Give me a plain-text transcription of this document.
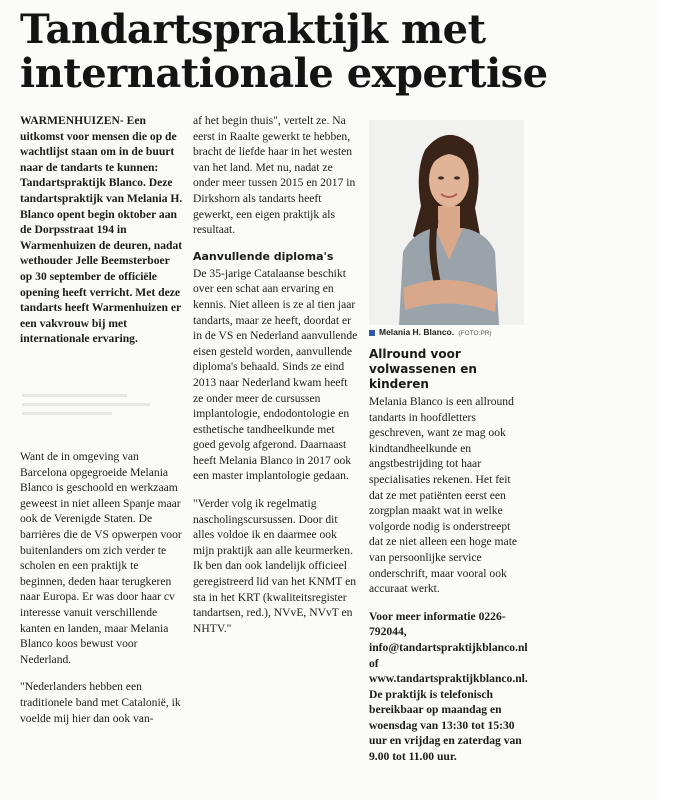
Tandartspraktijk met internationale expertise

WARMENHUIZEN- Een uitkomst voor mensen die op de wachtlijst staan om in de buurt naar de tandarts te kunnen: Tandartspraktijk Blanco. Deze tandartspraktijk van Melania H. Blanco opent begin oktober aan de Dorpsstraat 194 in Warmenhuizen de deuren, nadat wethouder Jelle Beemsterboer op 30 september de officiële opening heeft verricht. Met deze tandarts heeft Warmenhuizen er een vakvrouw bij met internationale ervaring.

Want de in omgeving van Barcelona opgegroeide Melania Blanco is geschoold en werkzaam geweest in niet alleen Spanje maar ook de Verenigde Staten. De barrières die de VS opwerpen voor buitenlanders om zich verder te scholen en een praktijk te beginnen, deden haar terugkeren naar Europa. Er was door haar cv interesse vanuit verschillende kanten en landen, maar Melania Blanco koos bewust voor Nederland.

"Nederlanders hebben een traditionele band met Catalonië, ik voelde mij hier dan ook van-

af het begin thuis", vertelt ze. Na eerst in Raalte gewerkt te hebben, bracht de liefde haar in het westen van het land. Met nu, nadat ze onder meer tussen 2015 en 2017 in Dirkshorn als tandarts heeft gewerkt, een eigen praktijk als resultaat.

Aanvullende diploma's

De 35-jarige Catalaanse beschikt over een schat aan ervaring en kennis. Niet alleen is ze al tien jaar tandarts, maar ze heeft, doordat er in de VS en Nederland aanvullende eisen gesteld worden, aanvullende diploma's behaald. Sinds ze eind 2013 naar Nederland kwam heeft ze onder meer de cursussen implantologie, endodontologie en esthetische tandheelkunde met goed gevolg afgerond. Daarnaast heeft Melania Blanco in 2017 ook een master implantologie gedaan.

"Verder volg ik regelmatig nascholingscursussen. Door dit alles voldoe ik en daarmee ook mijn praktijk aan alle keurmerken. Ik ben dan ook landelijk officieel geregistreerd lid van het KNMT en sta in het KRT (kwaliteitsregister tandartsen, red.), NVvE, NVvT en NHTV."

Melania H. Blanco. (FOTO:PR)
Allround voor
volwassenen en kinderen

Melania Blanco is een allround tandarts in hoofdletters geschreven, want ze mag ook kindtandheelkunde en angstbestrijding tot haar specialisaties rekenen. Het feit dat ze met patiënten eerst een zorgplan maakt wat in welke volgorde nodig is onderstreept dat ze niet alleen een hoge mate van persoonlijke service onderschrift, maar vooral ook accuraat werkt.

Voor meer informatie 0226-792044, info@tandartspraktijkblanco.nl of www.tandartspraktijkblanco.nl. De praktijk is telefonisch bereikbaar op maandag en woensdag van 13:30 tot 15:30 uur en vrijdag en zaterdag van 9.00 tot 11.00 uur.
